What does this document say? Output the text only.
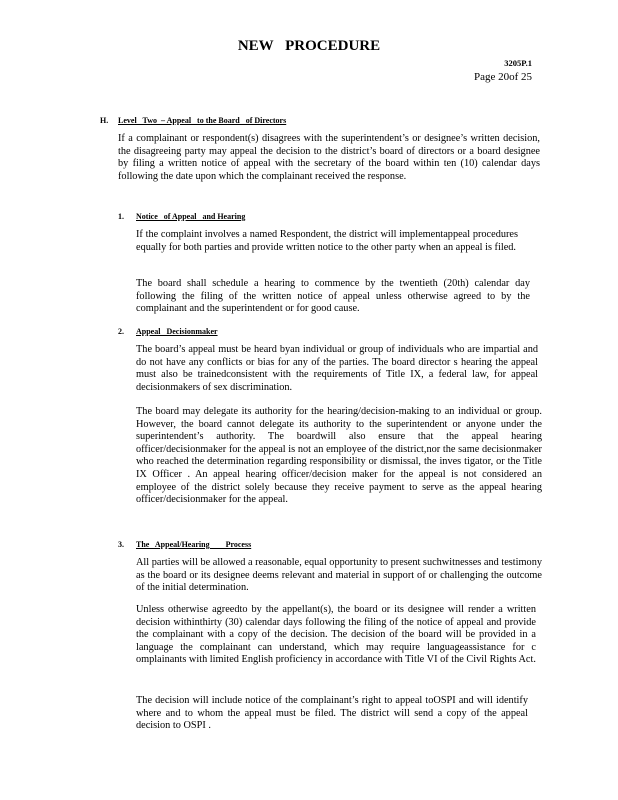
NEW PROCEDURE
3205P.1
Page 20of 25
H. Level   Two  – Appeal   to the Board   of Directors
If a complainant or respondent(s) disagrees with the superintendent’s or designee’s written decision, the disagreeing party may appeal the decision to the district’s board of directors or a board designee by filing a written notice of appeal with the secretary of the board within ten (10) calendar days following the date upon which the complainant received the response.
1. Notice   of Appeal   and Hearing
If the complaint involves a named Respondent, the district will implementappeal procedures equally for both parties and provide written notice to the other party when an appeal is filed.
The board shall schedule a hearing to commence by the twentieth (20th) calendar day following the filing of the written notice of appeal unless otherwise agreed to by the complainant and the superintendent or for good cause.
2. Appeal   Decisionmaker
The board’s appeal must be heard byan individual or group of individuals who are impartial and do not have any conflicts or bias for any of the parties. The board director s hearing the appeal must also be trainedconsistent with the requirements of Title IX, a federal law, for appeal decisionmakers of sex discrimination.
The board may delegate its authority for the hearing/decision-making to an individual or group. However, the board cannot delegate its authority to the superintendent or anyone under the superintendent’s authority. The boardwill also ensure that the appeal hearing officer/decisionmaker for the appeal is not an employee of the district,nor the same decisionmaker who reached the determination regarding responsibility or dismissal, the inves tigator, or the Title IX Officer . An appeal hearing officer/decision maker for the appeal is not considered an employee of the district solely because they receive payment to serve as the appeal hearing officer/decisionmaker for the appeal.
3. The   Appeal/Hearing        Process
All parties will be allowed a reasonable, equal opportunity to present suchwitnesses and testimony as the board or its designee deems relevant and material in support of or challenging the outcome of the initial determination.
Unless otherwise agreedto by the appellant(s), the board or its designee will render a written decision withinthirty (30) calendar days following the filing of the notice of appeal and provide the complainant with a copy of the decision. The decision of the board will be provided in a language the complainant can understand, which may require languageassistance for c omplainants with limited English proficiency in accordance with Title VI of the Civil Rights Act.
The decision will include notice of the complainant’s right to appeal toOSPI and will identify where and to whom the appeal must be filed. The district will send a copy of the appeal decision to OSPI .
